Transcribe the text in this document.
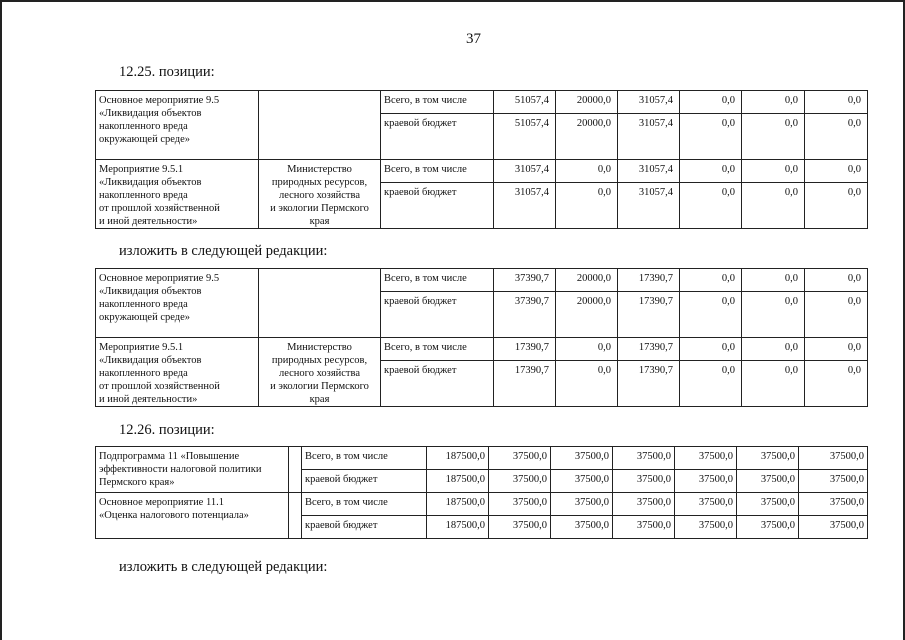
37
12.25. позиции:
Основное мероприятие 9.5
«Ликвидация объектов
накопленного вреда
окружающей среде»		Всего, в том числе	51057,4	20000,0	31057,4	0,0	0,0	0,0	
		краевой бюджет	51057,4	20000,0	31057,4	0,0	0,0	0,0	

Мероприятие 9.5.1
«Ликвидация объектов
накопленного вреда
от прошлой хозяйственной
и иной деятельности»	Министерство
природных ресурсов,
лесного хозяйства
и экологии Пермского
края	Всего, в том числе	31057,4	0,0	31057,4	0,0	0,0	0,0	
		краевой бюджет	31057,4	0,0	31057,4	0,0	0,0	0,0	

изложить в следующей редакции:
Основное мероприятие 9.5
«Ликвидация объектов
накопленного вреда
окружающей среде»		Всего, в том числе	37390,7	20000,0	17390,7	0,0	0,0	0,0	
		краевой бюджет	37390,7	20000,0	17390,7	0,0	0,0	0,0	

Мероприятие 9.5.1
«Ликвидация объектов
накопленного вреда
от прошлой хозяйственной
и иной деятельности»	Министерство
природных ресурсов,
лесного хозяйства
и экологии Пермского
края	Всего, в том числе	17390,7	0,0	17390,7	0,0	0,0	0,0	
		краевой бюджет	17390,7	0,0	17390,7	0,0	0,0	0,0	

12.26. позиции:
Подпрограмма 11 «Повышение
эффективности налоговой политики
Пермского края»		Всего, в том числе	187500,0	37500,0	37500,0	37500,0	37500,0	37500,0	37500,0
		краевой бюджет	187500,0	37500,0	37500,0	37500,0	37500,0	37500,0	37500,0
Основное мероприятие 11.1
«Оценка налогового потенциала»		Всего, в том числе	187500,0	37500,0	37500,0	37500,0	37500,0	37500,0	37500,0
		краевой бюджет	187500,0	37500,0	37500,0	37500,0	37500,0	37500,0	37500,0
изложить в следующей редакции:
